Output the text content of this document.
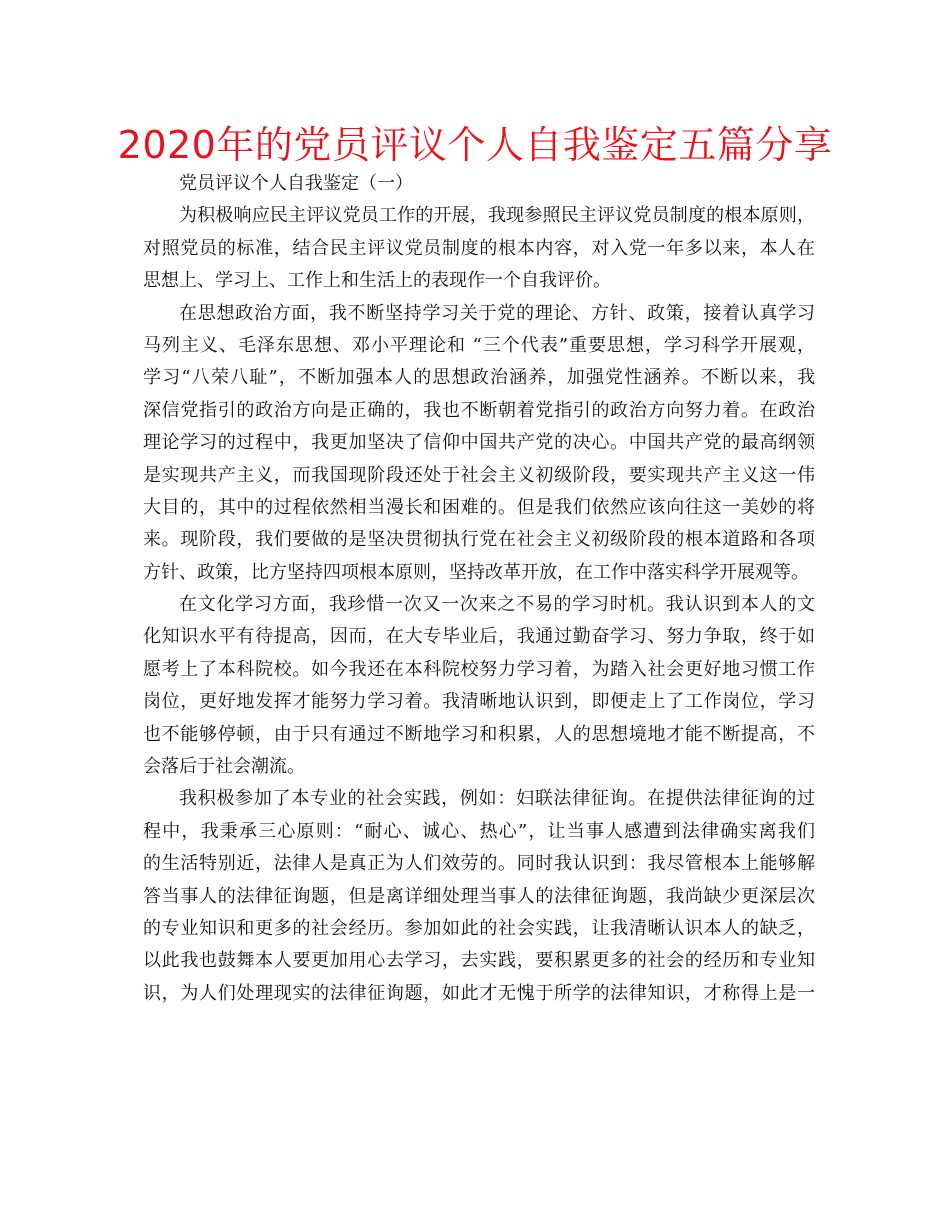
2020年的党员评议个人自我鉴定五篇分享
党员评议个人自我鉴定（一）
为积极响应民主评议党员工作的开展，我现参照民主评议党员制度的根本原则，
对照党员的标准，结合民主评议党员制度的根本内容，对入党一年多以来，本人在
思想上、学习上、工作上和生活上的表现作一个自我评价。
在思想政治方面，我不断坚持学习关于党的理论、方针、政策，接着认真学习
马列主义、毛泽东思想、邓小平理论和 “三个代表”重要思想，学习科学开展观，
学习“八荣八耻”，不断加强本人的思想政治涵养，加强党性涵养。不断以来，我
深信党指引的政治方向是正确的，我也不断朝着党指引的政治方向努力着。在政治
理论学习的过程中，我更加坚决了信仰中国共产党的决心。中国共产党的最高纲领
是实现共产主义，而我国现阶段还处于社会主义初级阶段，要实现共产主义这一伟
大目的，其中的过程依然相当漫长和困难的。但是我们依然应该向往这一美妙的将
来。现阶段，我们要做的是坚决贯彻执行党在社会主义初级阶段的根本道路和各项
方针、政策，比方坚持四项根本原则，坚持改革开放，在工作中落实科学开展观等。
在文化学习方面，我珍惜一次又一次来之不易的学习时机。我认识到本人的文
化知识水平有待提高，因而，在大专毕业后，我通过勤奋学习、努力争取，终于如
愿考上了本科院校。如今我还在本科院校努力学习着，为踏入社会更好地习惯工作
岗位，更好地发挥才能努力学习着。我清晰地认识到，即便走上了工作岗位，学习
也不能够停顿，由于只有通过不断地学习和积累，人的思想境地才能不断提高，不
会落后于社会潮流。
我积极参加了本专业的社会实践，例如：妇联法律征询。在提供法律征询的过
程中，我秉承三心原则：“耐心、诚心、热心”，让当事人感遭到法律确实离我们
的生活特别近，法律人是真正为人们效劳的。同时我认识到：我尽管根本上能够解
答当事人的法律征询题，但是离详细处理当事人的法律征询题，我尚缺少更深层次
的专业知识和更多的社会经历。参加如此的社会实践，让我清晰认识本人的缺乏，
以此我也鼓舞本人要更加用心去学习，去实践，要积累更多的社会的经历和专业知
识，为人们处理现实的法律征询题，如此才无愧于所学的法律知识，才称得上是一
